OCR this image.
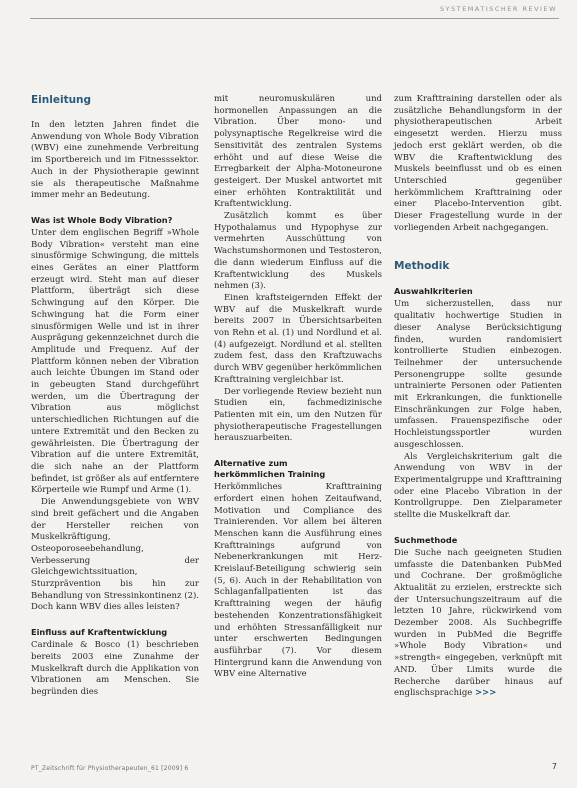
SYSTEMATISCHER REVIEW
Einleitung

In den letzten Jahren findet die Anwendung von Whole Body Vibration (WBV) eine zunehmende Verbreitung im Sportbereich und im Fitnesssektor. Auch in der Physiotherapie gewinnt sie als therapeutische Maßnahme immer mehr an Bedeutung.

Was ist Whole Body Vibration?

Unter dem englischen Begriff »Whole Body Vibration« versteht man eine sinusförmige Schwingung, die mittels eines Gerätes an einer Plattform erzeugt wird. Steht man auf dieser Plattform, überträgt sich diese Schwingung auf den Körper. Die Schwingung hat die Form einer sinusförmigen Welle und ist in ihrer Ausprägung gekennzeichnet durch die Amplitude und Frequenz. Auf der Plattform können neben der Vibration auch leichte Übungen im Stand oder in gebeugten Stand durchgeführt werden, um die Übertragung der Vibration aus möglichst unterschiedlichen Richtungen auf die untere Extremität und den Becken zu gewährleisten. Die Übertragung der Vibration auf die untere Extremität, die sich nahe an der Plattform befindet, ist größer als auf entferntere Körperteile wie Rumpf und Arme (1).

Die Anwendungsgebiete von WBV sind breit gefächert und die Angaben der Hersteller reichen von Muskelkräftigung, Osteoporoseebehandlung, Verbesserung der Gleichgewichtssituation, Sturzprävention bis hin zur Behandlung von Stressinkontinenz (2). Doch kann WBV dies alles leisten?

Einfluss auf Kraftentwicklung

Cardinale & Bosco (1) beschrieben bereits 2003 eine Zunahme der Muskelkraft durch die Applikation von Vibrationen am Menschen. Sie begründen dies

mit neuromuskulären und hormonellen Anpassungen an die Vibration. Über mono- und polysynaptische Regelkreise wird die Sensitivität des zentralen Systems erhöht und auf diese Weise die Erregbarkeit der Alpha-Motoneurone gesteigert. Der Muskel antwortet mit einer erhöhten Kontraktilität und Kraftentwicklung.

Zusätzlich kommt es über Hypothalamus und Hypophyse zur vermehrten Ausschüttung von Wachstumshormonen und Testosteron, die dann wiederum Einfluss auf die Kraftentwicklung des Muskels nehmen (3).

Einen kraftsteigernden Effekt der WBV auf die Muskelkraft wurde bereits 2007 in Übersichtsarbeiten von Rehn et al. (1) und Nordlund et al. (4) aufgezeigt. Nordlund et al. stellten zudem fest, dass den Kraftzuwachs durch WBV gegenüber herkömmlichen Krafttraining vergleichbar ist.

Der vorliegende Review bezieht nun Studien ein, fachmedizinische Patienten mit ein, um den Nutzen für physiotherapeutische Fragestellungen herauszuarbeiten.

Alternative zum
herkömmlichen Training

Herkömmliches Krafttraining erfordert einen hohen Zeitaufwand, Motivation und Compliance des Trainierenden. Vor allem bei älteren Menschen kann die Ausführung eines Krafttrainings aufgrund von Nebenerkrankungen mit Herz-Kreislauf-Beteiligung schwierig sein (5, 6). Auch in der Rehabilitation von Schlaganfallpatienten ist das Krafttraining wegen der häufig bestehenden Konzentrationsfähigkeit und erhöhten Stressanfälligkeit nur unter erschwerten Bedingungen ausführbar (7). Vor diesem Hintergrund kann die Anwendung von WBV eine Alternative

zum Krafttraining darstellen oder als zusätzliche Behandlungsform in der physiotherapeutischen Arbeit eingesetzt werden. Hierzu muss jedoch erst geklärt werden, ob die WBV die Kraftentwicklung des Muskels beeinflusst und ob es einen Unterschied gegenüber herkömmlichem Krafttraining oder einer Placebo-Intervention gibt. Dieser Fragestellung wurde in der vorliegenden Arbeit nachgegangen.

Methodik
Auswahlkriterien

Um sicherzustellen, dass nur qualitativ hochwertige Studien in dieser Analyse Berücksichtigung finden, wurden randomisiert kontrollierte Studien einbezogen. Teilnehmer der untersuchende Personengruppe sollte gesunde untrainierte Personen oder Patienten mit Erkrankungen, die funktionelle Einschränkungen zur Folge haben, umfassen. Frauenspezifische oder Hochleistungssportler wurden ausgeschlossen.

Als Vergleichskriterium galt die Anwendung von WBV in der Experimentalgruppe und Krafttraining oder eine Placebo Vibration in der Kontrollgruppe. Den Zielparameter stellte die Muskelkraft dar.

Suchmethode

Die Suche nach geeigneten Studien umfasste die Datenbanken PubMed und Cochrane. Der großmögliche Aktualität zu erzielen, erstreckte sich der Untersuchungszeitraum auf die letzten 10 Jahre, rückwirkend vom Dezember 2008. Als Suchbegriffe wurden in PubMed die Begriffe »Whole Body Vibration« und »strength« eingegeben, verknüpft mit AND. Über Limits wurde die Recherche darüber hinaus auf englischsprachige >>>

PT_Zeitschrift für Physiotherapeuten_61 [2009] 6	7
